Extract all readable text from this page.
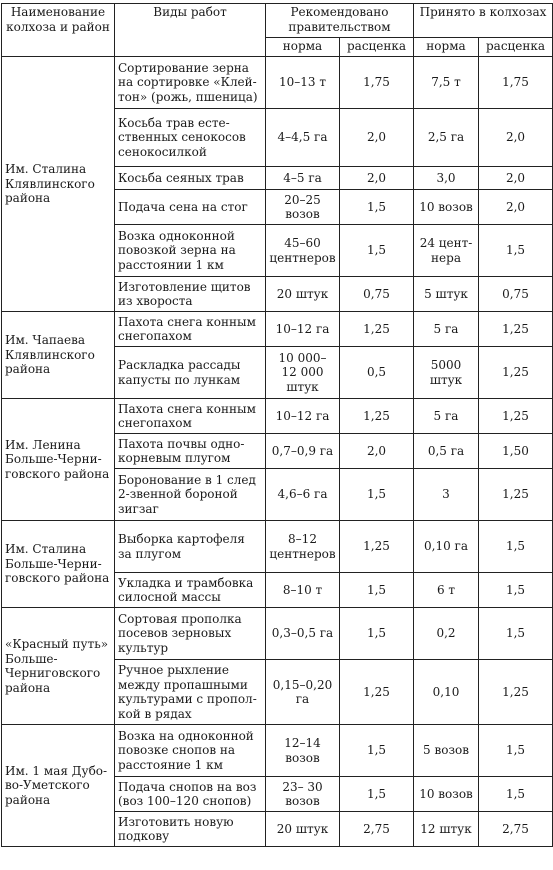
Наименование колхоза и район	Виды работ	Рекомендовано правительством		Принято в колхозах	
		норма	расценка	норма	расценка
Им. Сталина Клявлинского района	Сортирование зерна на сортировке «Клейтон» (рожь, пшеница)	10–13 т	1,75	7,5 т	1,75
	Косьба трав естественных сенокосов сенокосилкой	4–4,5 га	2,0	2,5 га	2,0
	Косьба сеяных трав	4–5 га	2,0	3,0	2,0
	Подача сена на стог	20–25 возов	1,5	10 возов	2,0
	Возка одноконной повозкой зерна на расстоянии 1 км	45–60 центнеров	1,5	24 центнера	1,5
	Изготовление щитов из хвороста	20 штук	0,75	5 штук	0,75
Им. Чапаева Клявлинского района	Пахота снега конным снегопахом	10–12 га	1,25	5 га	1,25
	Раскладка рассады капусты по лункам	10 000– 12 000 штук	0,5	5000 штук	1,25
Им. Ленина Больше-Черниговского района	Пахота снега конным снегопахом	10–12 га	1,25	5 га	1,25
	Пахота почвы однокорневым плугом	0,7–0,9 га	2,0	0,5 га	1,50
	Боронование в 1 след 2-звенной бороной зигзаг	4,6–6 га	1,5	3	1,25
Им. Сталина Больше-Черниговского района	Выборка картофеля за плугом	8–12 центнеров	1,25	0,10 га	1,5
	Укладка и трамбовка силосной массы	8–10 т	1,5	6 т	1,5
«Красный путь» Больше-Черниговского района	Сортовая прополка посевов зерновых культур	0,3–0,5 га	1,5	0,2	1,5
	Ручное рыхление между пропашными культурами с прополкой в рядах	0,15–0,20 га	1,25	0,10	1,25
Им. 1 мая Дубово-Уметского района	Возка на одноконной повозке снопов на расстояние 1 км	12–14 возов	1,5	5 возов	1,5
	Подача снопов на воз (воз 100–120 снопов)	23– 30 возов	1,5	10 возов	1,5
	Изготовить новую подкову	20 штук	2,75	12 штук	2,75
